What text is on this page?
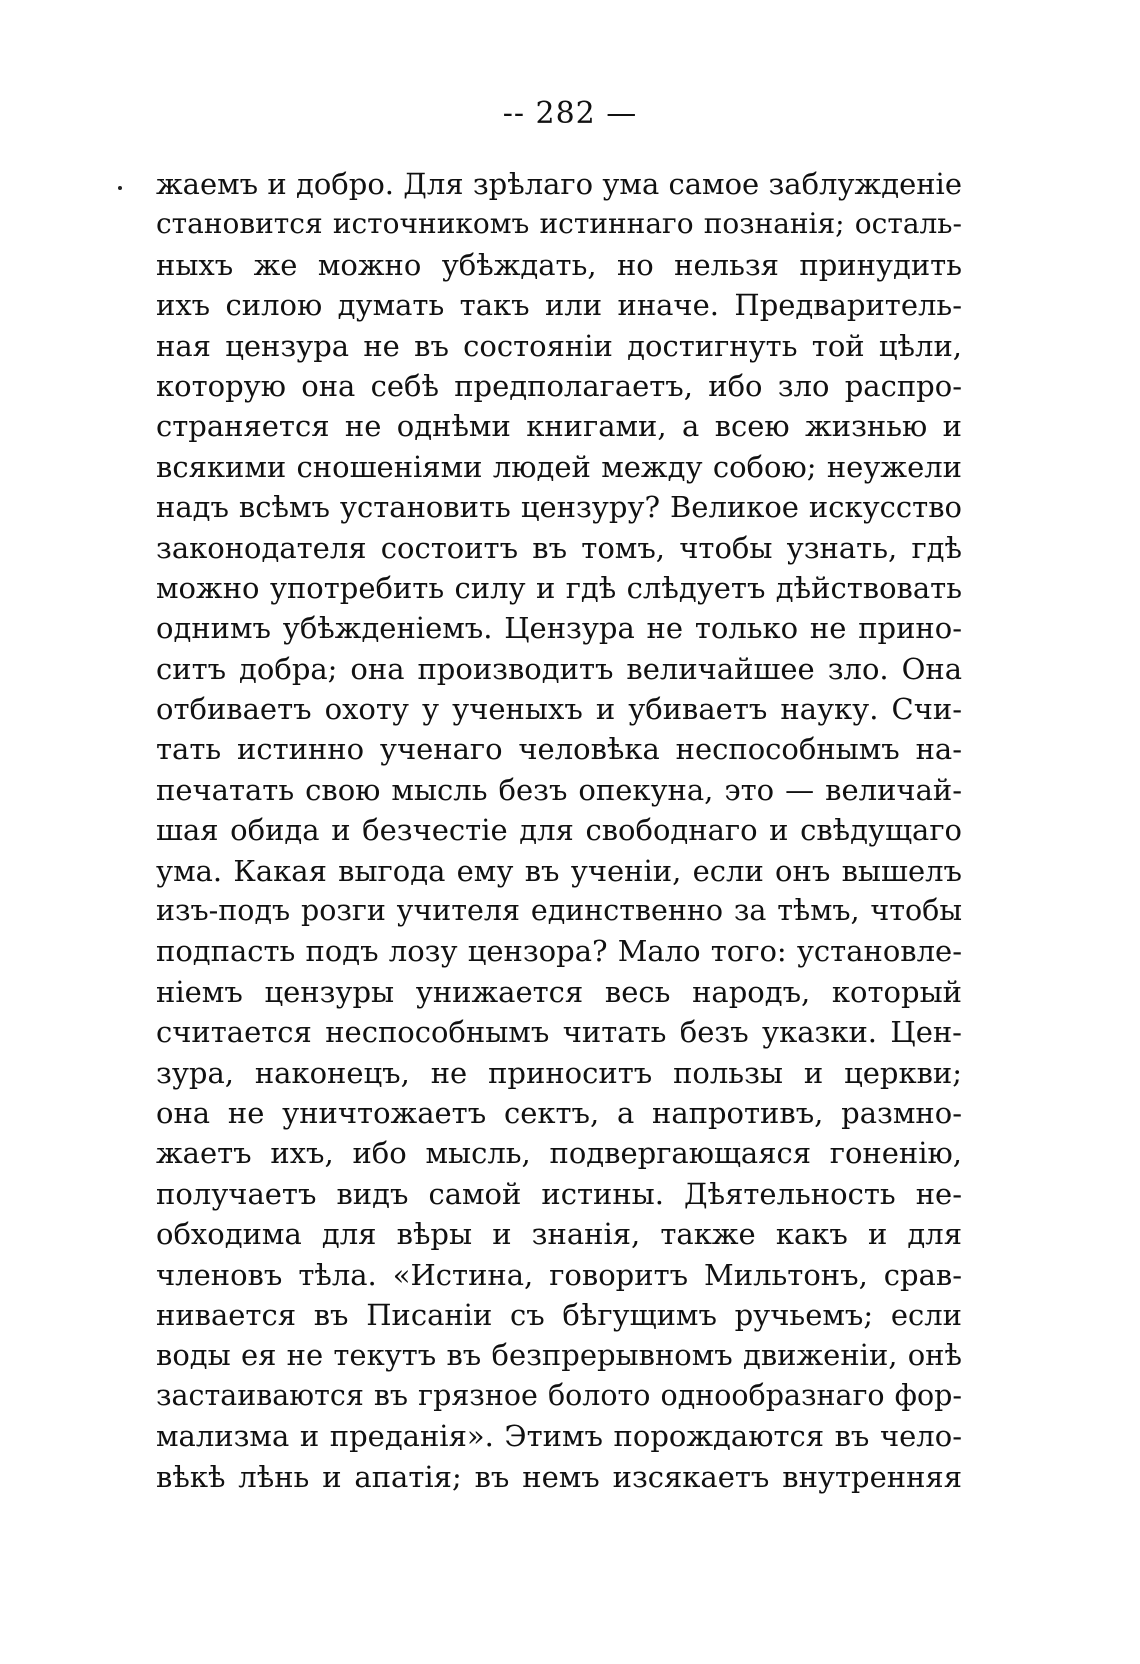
-- 282 —
жаемъ и добро. Для зрѣлаго ума самое заблужденіе
становится источникомъ истиннаго познанія; осталь-
ныхъ же можно убѣждать, но нельзя принудить
ихъ силою думать такъ или иначе. Предваритель-
ная цензура не въ состояніи достигнуть той цѣли,
которую она себѣ предполагаетъ, ибо зло распро-
страняется не однѣми книгами, а всею жизнью и
всякими сношеніями людей между собою; неужели
надъ всѣмъ установить цензуру? Великое искусство
законодателя состоитъ въ томъ, чтобы узнать, гдѣ
можно употребить силу и гдѣ слѣдуетъ дѣйствовать
однимъ убѣжденіемъ. Цензура не только не прино-
ситъ добра; она производитъ величайшее зло. Она
отбиваетъ охоту у ученыхъ и убиваетъ науку. Счи-
тать истинно ученаго человѣка неспособнымъ на-
печатать свою мысль безъ опекуна, это — величай-
шая обида и безчестіе для свободнаго и свѣдущаго
ума. Какая выгода ему въ ученіи, если онъ вышелъ
изъ-подъ розги учителя единственно за тѣмъ, чтобы
подпасть подъ лозу цензора? Мало того: установле-
ніемъ цензуры унижается весь народъ, который
считается неспособнымъ читать безъ указки. Цен-
зура, наконецъ, не приноситъ пользы и церкви;
она не уничтожаетъ сектъ, а напротивъ, размно-
жаетъ ихъ, ибо мысль, подвергающаяся гоненію,
получаетъ видъ самой истины. Дѣятельность не-
обходима для вѣры и знанія, также какъ и для
членовъ тѣла. «Истина, говоритъ Мильтонъ, срав-
нивается въ Писаніи съ бѣгущимъ ручьемъ; если
воды ея не текутъ въ безпрерывномъ движеніи, онѣ
застаиваются въ грязное болото однообразнаго фор-
мализма и преданія». Этимъ порождаются въ чело-
вѣкѣ лѣнь и апатія; въ немъ изсякаетъ внутренняя
